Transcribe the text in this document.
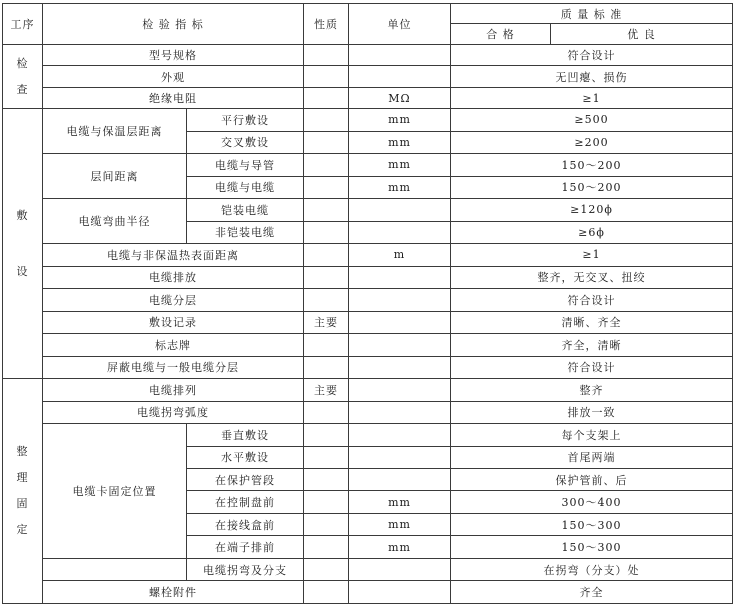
工序	检 验 指 标		性质	单位	质 量 标 准	
					合 格	优 良	

检
查	型号规格				符合设计	
	外观				无凹瘪、损伤	
	绝缘电阻			MΩ	≥1	

敷
设	电缆与保温层距离	平行敷设		mm	≥500	
		交叉敷设		mm	≥200	
	层间距离	电缆与导管		mm	150～200	
		电缆与电缆		mm	150～200	
	电缆弯曲半径	铠装电缆			≥120ϕ	
		非铠装电缆			≥6ϕ	
	电缆与非保温热表面距离			m	≥1	
	电缆排放				整齐，无交叉、扭绞	
	电缆分层				符合设计	
	敷设记录		主要		清晰、齐全	
	标志牌				齐全，清晰	
	屏蔽电缆与一般电缆分层				符合设计	

整
理
固
定	电缆排列		主要		整齐	
	电缆拐弯弧度				排放一致	
	电缆卡固定位置	垂直敷设			每个支架上	
		水平敷设			首尾两端	
		在保护管段			保护管前、后	
		在控制盘前		mm	300～400	
		在接线盒前		mm	150～300	
		在端子排前		mm	150～300	
		电缆拐弯及分支			在拐弯（分支）处	
	螺栓附件				齐全	
